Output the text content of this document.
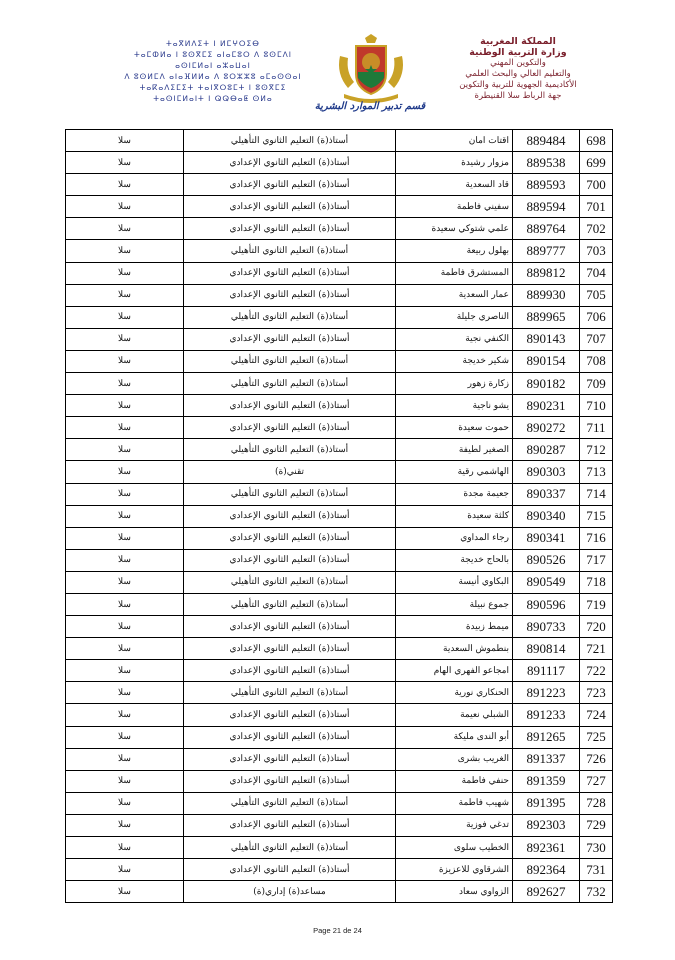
المملكة المغربية
وزارة التربية الوطنية
والتكوين المهني
والتعليم العالي والبحث العلمي
الأكاديمية الجهوية للتربية والتكوين
جهة الرباط سلا القنيطرة
ⵜⴰⴳⵍⴷⵉⵜ ⵏ ⵍⵎⵖⵔⵉⴱ
ⵜⴰⵎⵀⵍⴰ ⵏ ⵓⵙⴳⵎⵉ ⴰⵏⴰⵎⵓⵔ ⴷ ⵓⵙⵎⴷⵏ
ⴰⵙⵏⵎⵍⴰⵏ ⴰⵣⴰⵡⴰⵏ
ⴷ ⵓⵙⵍⵎⴷ ⴰⵏⴰⴼⵍⵍⴰ ⴷ ⵓⵔⵣⵣⵓ ⴰⵎⴰⵙⵙⴰⵏ
ⵜⴰⴽⴰⴷⵉⵎⵉⵜ ⵜⴰⵏⴳⵔⵓⵎⵜ ⵏ ⵓⵙⴳⵎⵉ
ⵜⴰⵙⵏⵎⵍⴰⵏⵜ ⵏ ⵕⵕⴱⴰⵟ ⵙⵍⴰ
قسم تدبير الموارد البشرية
698	889484	اقتات امان	أستاذ(ة) التعليم الثانوي التأهيلي	سلا
699	889538	مزوار رشيدة	أستاذ(ة) التعليم الثانوي الإعدادي	سلا
700	889593	قاد السعدية	أستاذ(ة) التعليم الثانوي الإعدادي	سلا
701	889594	سفيني فاطمة	أستاذ(ة) التعليم الثانوي الإعدادي	سلا
702	889764	علمي شتوكي سعيدة	أستاذ(ة) التعليم الثانوي الإعدادي	سلا
703	889777	بهلول ربيعة	أستاذ(ة) التعليم الثانوي التأهيلي	سلا
704	889812	المستشرق فاطمة	أستاذ(ة) التعليم الثانوي الإعدادي	سلا
705	889930	عمار السعدية	أستاذ(ة) التعليم الثانوي الإعدادي	سلا
706	889965	الناصري جليلة	أستاذ(ة) التعليم الثانوي التأهيلي	سلا
707	890143	الكنفي نجية	أستاذ(ة) التعليم الثانوي الإعدادي	سلا
708	890154	شكير خديجة	أستاذ(ة) التعليم الثانوي التأهيلي	سلا
709	890182	زكارة زهور	أستاذ(ة) التعليم الثانوي التأهيلي	سلا
710	890231	يشو ناجية	أستاذ(ة) التعليم الثانوي الإعدادي	سلا
711	890272	حموت سعيدة	أستاذ(ة) التعليم الثانوي الإعدادي	سلا
712	890287	الصغير لطيفة	أستاذ(ة) التعليم الثانوي التأهيلي	سلا
713	890303	الهاشمي رقية	تقني(ة)	سلا
714	890337	جعيمة مجدة	أستاذ(ة) التعليم الثانوي التأهيلي	سلا
715	890340	كلثة سعيدة	أستاذ(ة) التعليم الثانوي الإعدادي	سلا
716	890341	رجاء المداوي	أستاذ(ة) التعليم الثانوي الإعدادي	سلا
717	890526	بالحاج خديجة	أستاذ(ة) التعليم الثانوي الإعدادي	سلا
718	890549	البكاوي أنيسة	أستاذ(ة) التعليم الثانوي التأهيلي	سلا
719	890596	جموع نبيلة	أستاذ(ة) التعليم الثانوي التأهيلي	سلا
720	890733	ميمط زبيدة	أستاذ(ة) التعليم الثانوي الإعدادي	سلا
721	890814	بنطموش السعدية	أستاذ(ة) التعليم الثانوي الإعدادي	سلا
722	891117	امجاعو الفهري الهام	أستاذ(ة) التعليم الثانوي الإعدادي	سلا
723	891223	الحنكاري نورية	أستاذ(ة) التعليم الثانوي التأهيلي	سلا
724	891233	الشبلي نعيمة	أستاذ(ة) التعليم الثانوي الإعدادي	سلا
725	891265	أبو الندى مليكة	أستاذ(ة) التعليم الثانوي الإعدادي	سلا
726	891337	الغريب بشرى	أستاذ(ة) التعليم الثانوي الإعدادي	سلا
727	891359	حنفي فاطمة	أستاذ(ة) التعليم الثانوي الإعدادي	سلا
728	891395	شهيب فاطمة	أستاذ(ة) التعليم الثانوي التأهيلي	سلا
729	892303	تدغي فوزية	أستاذ(ة) التعليم الثانوي الإعدادي	سلا
730	892361	الخطيب سلوى	أستاذ(ة) التعليم الثانوي التأهيلي	سلا
731	892364	الشرقاوي للاعزيزة	أستاذ(ة) التعليم الثانوي الإعدادي	سلا
732	892627	الزواوي سعاد	مساعد(ة) إداري(ة)	سلا
Page 21 de 24
